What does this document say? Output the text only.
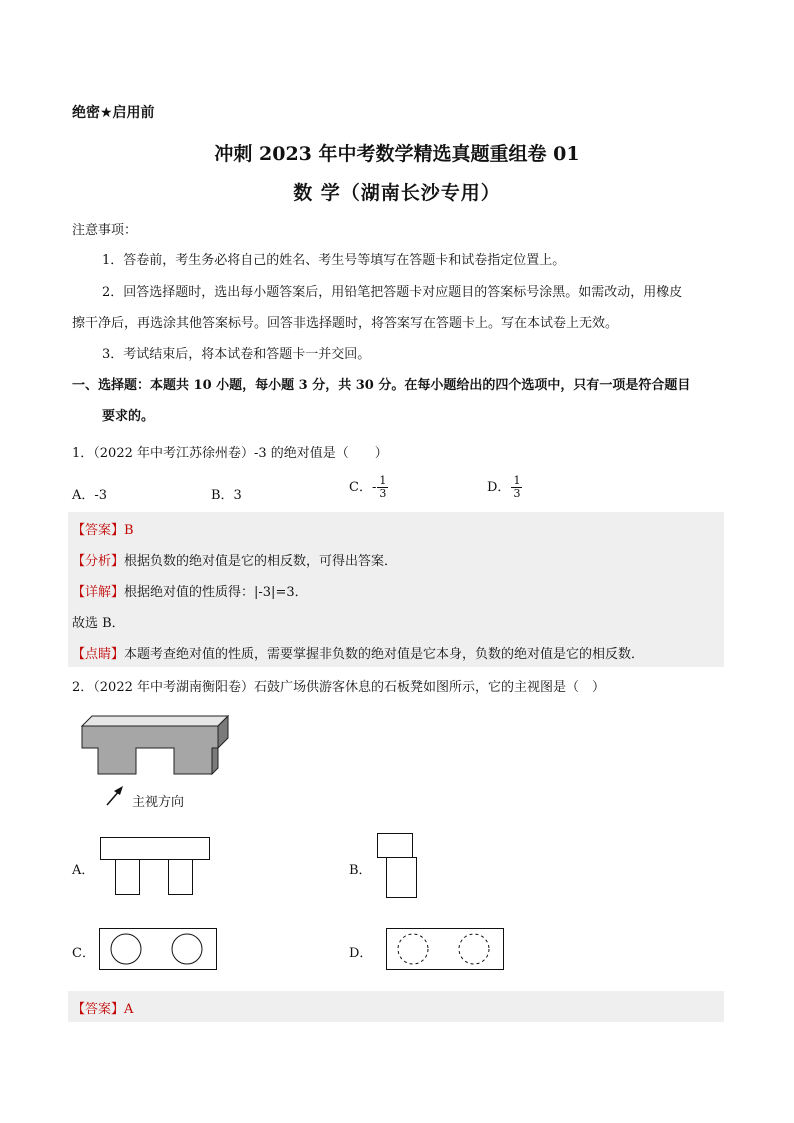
绝密★启用前
冲刺 2023 年中考数学精选真题重组卷 01
数 学（湖南长沙专用）
注意事项：
1．答卷前，考生务必将自己的姓名、考生号等填写在答题卡和试卷指定位置上。
2．回答选择题时，选出每小题答案后，用铅笔把答题卡对应题目的答案标号涂黑。如需改动，用橡皮
擦干净后，再选涂其他答案标号。回答非选择题时，将答案写在答题卡上。写在本试卷上无效。
3．考试结束后，将本试卷和答题卡一并交回。
一、选择题：本题共 10 小题，每小题 3 分，共 30 分。在每小题给出的四个选项中，只有一项是符合题目
要求的。
1．（2022 年中考江苏徐州卷）-3 的绝对值是（　　）
A．-3	B．3
C．- $\frac{1}{3}$	D． $\frac{1}{3}$
【答案】B
【分析】根据负数的绝对值是它的相反数，可得出答案．
【详解】根据绝对值的性质得：|-3|=3．
故选 B．
【点睛】本题考查绝对值的性质，需要掌握非负数的绝对值是它本身，负数的绝对值是它的相反数．
2．（2022 年中考湖南衡阳卷）石鼓广场供游客休息的石板凳如图所示，它的主视图是（　）
主视方向
A．	B．
C．	D．
【答案】A
